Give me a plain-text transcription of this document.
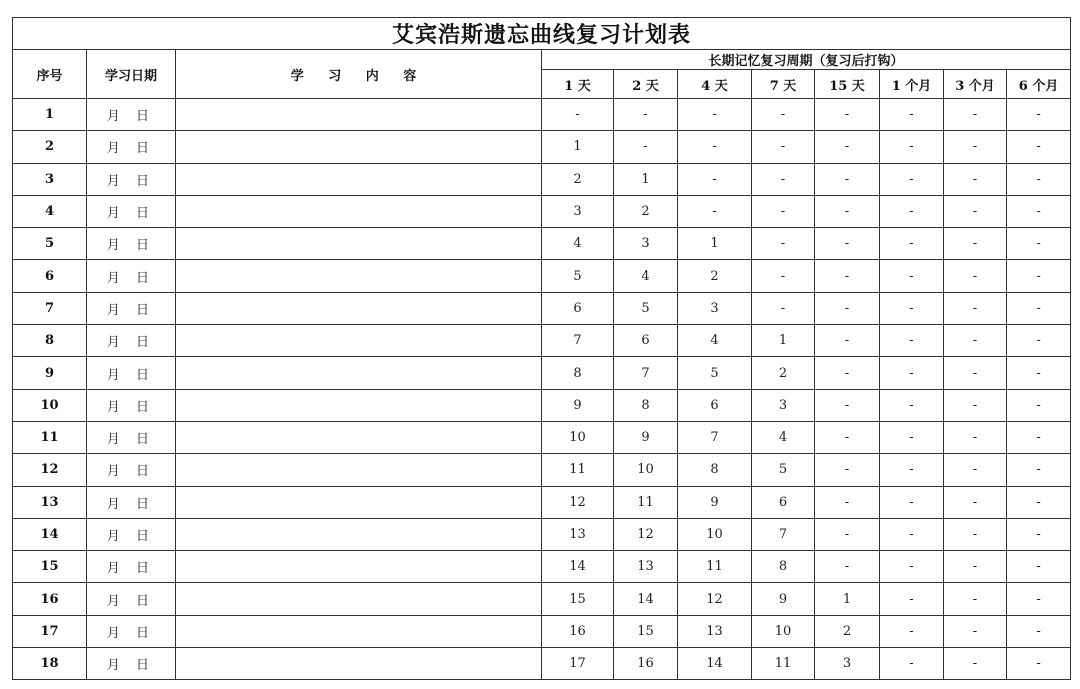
艾宾浩斯遗忘曲线复习计划表										
序号	学习日期	学 习 内 容	长期记忆复习周期（复习后打钩）							
			1 天	2 天	4 天	7 天	15 天	1 个月	3 个月	6 个月
1	月 日		-	-	-	-	-	-	-	-
2	月 日		1	-	-	-	-	-	-	-
3	月 日		2	1	-	-	-	-	-	-
4	月 日		3	2	-	-	-	-	-	-
5	月 日		4	3	1	-	-	-	-	-
6	月 日		5	4	2	-	-	-	-	-
7	月 日		6	5	3	-	-	-	-	-
8	月 日		7	6	4	1	-	-	-	-
9	月 日		8	7	5	2	-	-	-	-
10	月 日		9	8	6	3	-	-	-	-
11	月 日		10	9	7	4	-	-	-	-
12	月 日		11	10	8	5	-	-	-	-
13	月 日		12	11	9	6	-	-	-	-
14	月 日		13	12	10	7	-	-	-	-
15	月 日		14	13	11	8	-	-	-	-
16	月 日		15	14	12	9	1	-	-	-
17	月 日		16	15	13	10	2	-	-	-
18	月 日		17	16	14	11	3	-	-	-
